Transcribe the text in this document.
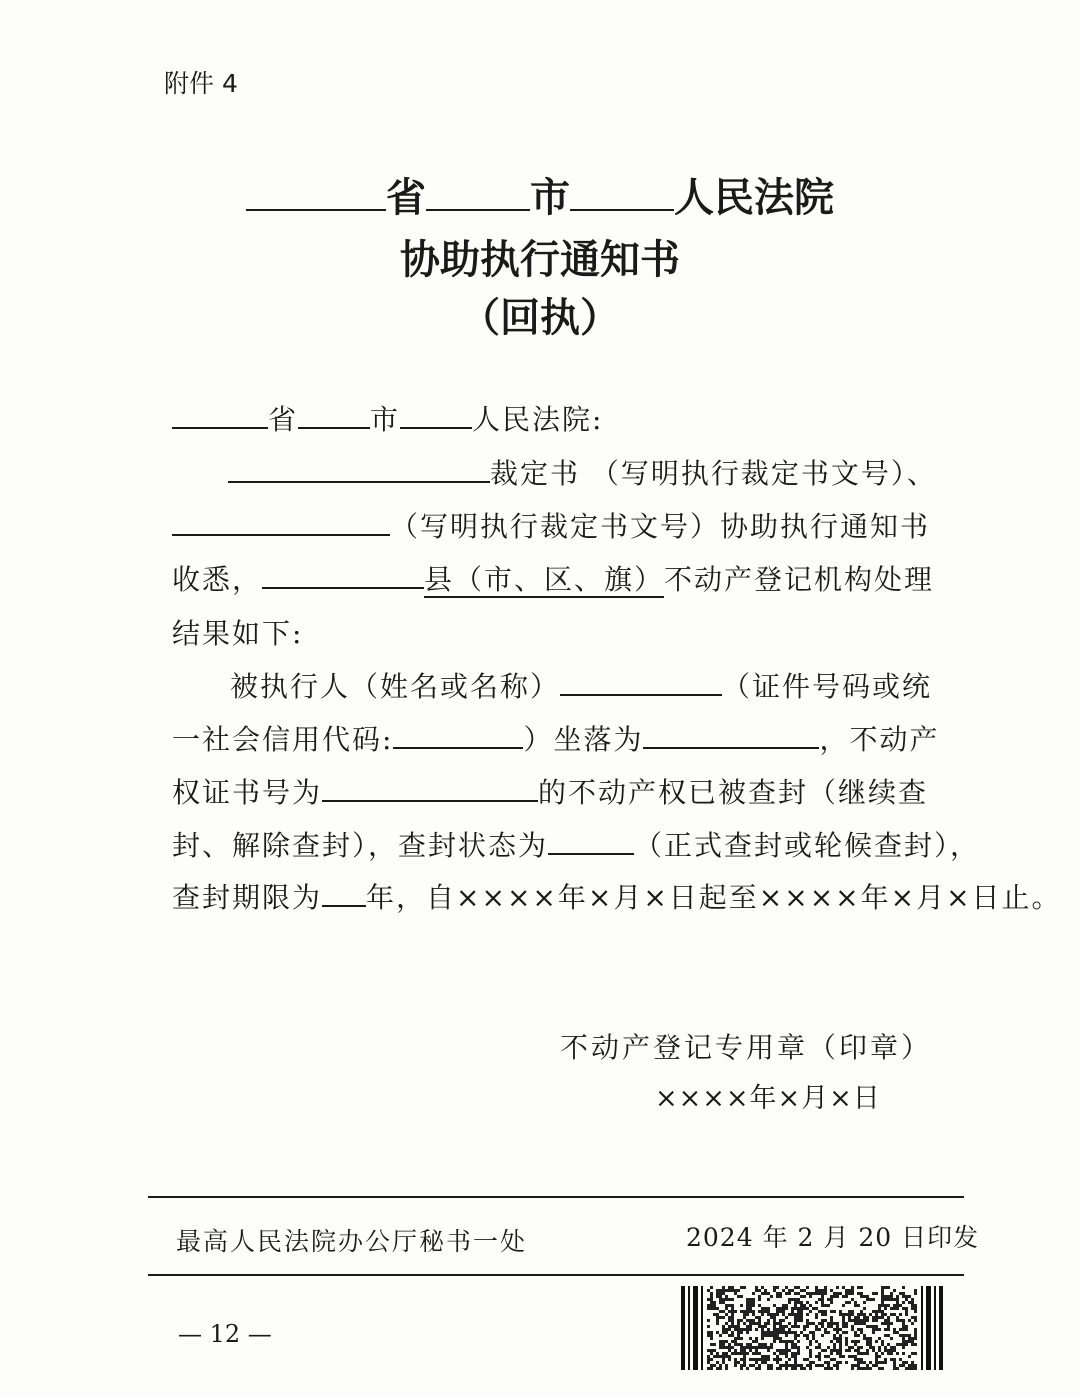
附件 4
省	市	人民法院
协助执行通知书
（回执）
省	市	人民法院:
裁定书 （写明执行裁定书文号）、
（写明执行裁定书文号）协助执行通知书
收悉，	县（市、区、旗）不动产登记机构处理
结果如下:
被执行人（姓名或名称）	（证件号码或统
一社会信用代码:	）坐落为	，不动产
权证书号为	的不动产权已被查封（继续查
封、解除查封），查封状态为	（正式查封或轮候查封），
查封期限为 年，自××××年×月×日起至××××年×月×日止。
不动产登记专用章（印章）
××××年×月×日
最高人民法院办公厅秘书一处	2024 年 2 月 20 日印发
— 12 —
